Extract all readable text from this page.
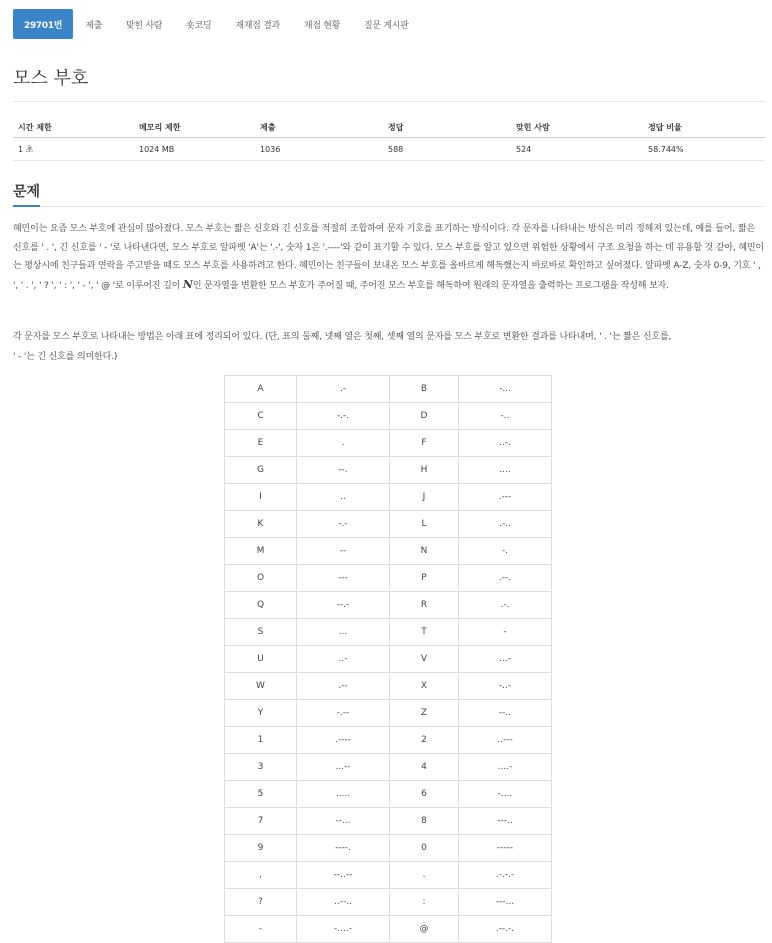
29701번	제출	맞힌 사람	숏코딩	재채점 결과	채점 현황	질문 게시판
모스 부호
시간 제한	메모리 제한	제출	정답	맞힌 사람	정답 비율
1 초	1024 MB	1036	588	524	58.744%
문제

혜민이는 요즘 모스 부호에 관심이 많아졌다. 모스 부호는 짧은 신호와 긴 신호를 적절히 조합하여 문자 기호를 표기하는 방식이다. 각 문자를 나타내는 방식은 미리 정해져 있는데, 예를 들어, 짧은 신호를 ' . ', 긴 신호를 ' - '로 나타낸다면, 모스 부호로 알파벳 'A'는 '.-', 숫자 1은 '.----'와 같이 표기할 수 있다. 모스 부호를 알고 있으면 위험한 상황에서 구조 요청을 하는 데 유용할 것 같아, 혜민이는 평상시에 친구들과 연락을 주고받을 때도 모스 부호를 사용하려고 한다. 혜민이는 친구들이 보내온 모스 부호를 올바르게 해독했는지 바로바로 확인하고 싶어졌다. 알파벳 A-Z, 숫자 0-9, 기호 ' , ', ' . ', ' ? ', ' : ', ' - ', ' @ '로 이루어진 길이 N인 문자열을 변환한 모스 부호가 주어질 때, 주어진 모스 부호를 해독하여 원래의 문자열을 출력하는 프로그램을 작성해 보자.

각 문자를 모스 부호로 나타내는 방법은 아래 표에 정리되어 있다. (단, 표의 둘째, 넷째 열은 첫째, 셋째 열의 문자를 모스 부호로 변환한 결과를 나타내며, ' . '는 짧은 신호를,

' - '는 긴 신호를 의미한다.)

A	.-	B	-...
C	-.-.	D	-..
E	.	F	..-.
G	--.	H	....
I	..	J	.---
K	-.-	L	.-..
M	--	N	-.
O	---	P	.--.
Q	--.-	R	.-.
S	...	T	-
U	..-	V	...-
W	.--	X	-..-
Y	-.--	Z	--..
1	.----	2	..---
3	...--	4	....-
5	.....	6	-....
7	--...	8	---..
9	----.	0	-----
,	--..--	.	.-.-.-
?	..--..	:	---...
-	-....-	@	.--.-.
